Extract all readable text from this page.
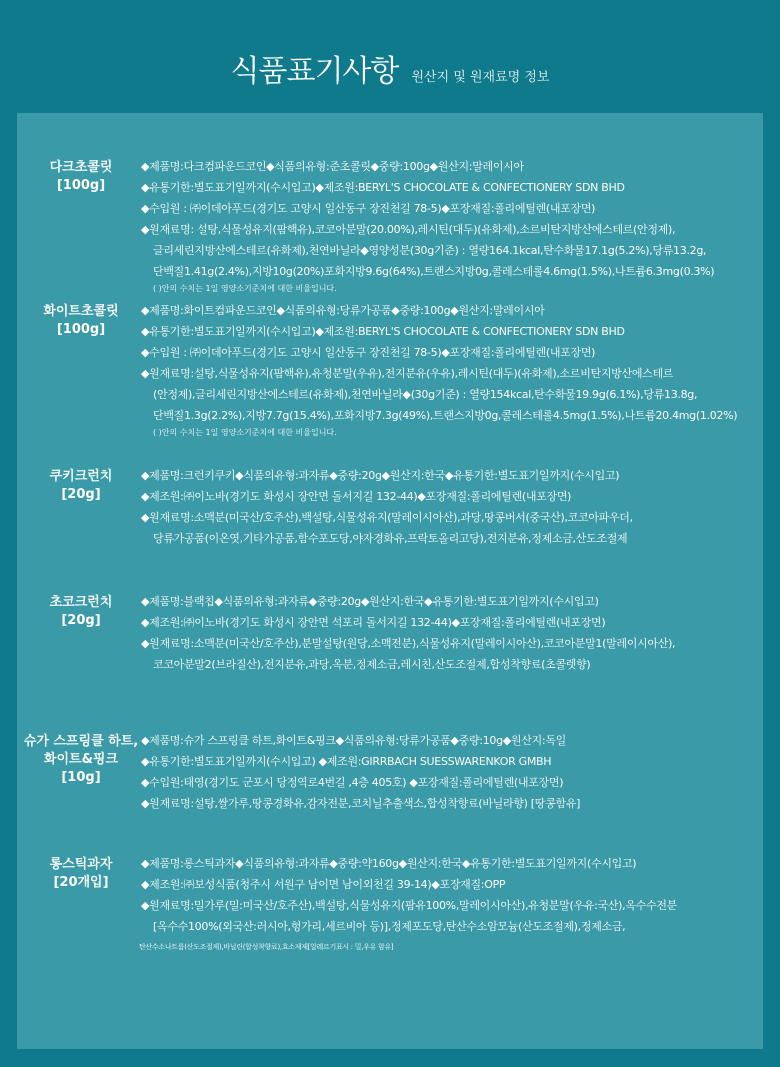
식품표기사항 원산지 및 원재료명 정보
다크초콜릿
[100g]
◆제품명:다크컴파운드코인◆식품의유형:준초콜릿◆중량:100g◆원산지:말레이시아
◆유통기한:별도표기일까지(수시입고)◆제조원:BERYL'S CHOCOLATE & CONFECTIONERY SDN BHD
◆수입원 : ㈜이데아푸드(경기도 고양시 일산동구 장진천길 78-5)◆포장재질:폴리에틸렌(내포장면)
◆원재료명: 설탕,식물성유지(팜핵유),코코아분말(20.00%),레시틴(대두)(유화제),소르비탄지방산에스테르(안정제),
글리세린지방산에스테르(유화제),천연바닐라◆영양성분(30g기준) : 열량164.1kcal,탄수화물17.1g(5.2%),당류13.2g,
단백질1.41g(2.4%),지방10g(20%)포화지방9.6g(64%),트랜스지방0g,콜레스테롤4.6mg(1.5%),나트륨6.3mg(0.3%)
( )안의 수치는 1일 영양소기준치에 대한 비율입니다.
화이트초콜릿
[100g]
◆제품명:화이트컴파운드코인◆식품의유형:당류가공품◆중량:100g◆원산지:말레이시아
◆유통기한:별도표기일까지(수시입고)◆제조원:BERYL'S CHOCOLATE & CONFECTIONERY SDN BHD
◆수입원 : ㈜이데아푸드(경기도 고양시 일산동구 장진천길 78-5)◆포장재질:폴리에틸렌(내포장면)
◆원재료명:설탕,식물성유지(팜핵유),유청분말(우유),전지분유(우유),레시틴(대두)(유화제),소르비탄지방산에스테르
(안정제),글리세린지방산에스테르(유화제),천연바닐라◆(30g기준) : 열량154kcal,탄수화물19.9g(6.1%),당류13.8g,
단백질1.3g(2.2%),지방7.7g(15.4%),포화지방7.3g(49%),트랜스지방0g,콜레스테롤4.5mg(1.5%),나트륨20.4mg(1.02%)
( )안의 수치는 1일 영양소기준치에 대한 비율입니다.
쿠키크런치
[20g]
◆제품명:크런키쿠키◆식품의유형:과자류◆중량:20g◆원산지:한국◆유통기한:별도표기일까지(수시입고)
◆제조원:㈜이노바(경기도 화성시 장안면 돌서지길 132-44)◆포장재질:폴리에틸렌(내포장면)
◆원재료명:소맥분(미국산/호주산),백설탕,식물성유지(말레이시아산),과당,땅콩버서(중국산),코코아파우더,
당류가공품(이온엿,기타가공품,함수포도당,야자경화유,프락토올리고당),전지분유,정제소금,산도조절제
초코크런치
[20g]
◆제품명:블랙칩◆식품의유형:과자류◆중량:20g◆원산지:한국◆유통기한:별도표기일까지(수시입고)
◆제조원:㈜이노바(경기도 화성시 장안면 석포리 돌서지길 132-44)◆포장재질:폴리에틸렌(내포장면)
◆원재료명:소맥분(미국산/호주산),분말설탕(원당,소맥전분),식물성유지(말레이시아산),코코아분말1(말레이시아산),
코코아분말2(브라질산),전지분유,과당,옥분,정제소금,레시친,산도조절제,합성착향료(초콜렛향)
슈가 스프링클 하트,
화이트&핑크
[10g]
◆제품명:슈가 스프링클 하트,화이트&핑크◆식품의유형:당류가공품◆중량:10g◆원산지:독일
◆유통기한:별도표기일까지(수시입고) ◆제조원:GIRRBACH SUESSWARENKOR GMBH
◆수입원:태영(경기도 군포시 당정역로4번길 ,4층 405호) ◆포장재질:폴리에틸렌(내포장면)
◆원재료명:설탕,쌀가루,땅콩경화유,감자전분,코치닐추출색소,합성착향료(바닐라향) [땅콩함유]
롱스틱과자
[20개입]
◆제품명:롱스틱과자◆식품의유형:과자류◆중량:약160g◆원산지:한국◆유통기한:별도표기일까지(수시입고)
◆제조원:㈜보성식품(청주시 서원구 남이면 남이외천길 39-14)◆포장재질:OPP
◆원재료명:밀가루(밀:미국산/호주산),백설탕,식물성유지(팜유100%,말레이시아산),유청분말(우유:국산),옥수수전분
[옥수수100%(외국산:러시아,헝가리,세르비아 등)],정제포도당,탄산수소암모늄(산도조절제),정제소금,
탄산수소나트륨(산도조절제),바닐린(합성착향료),효소제제[알레르기표시 : 밀,우유 함유]
